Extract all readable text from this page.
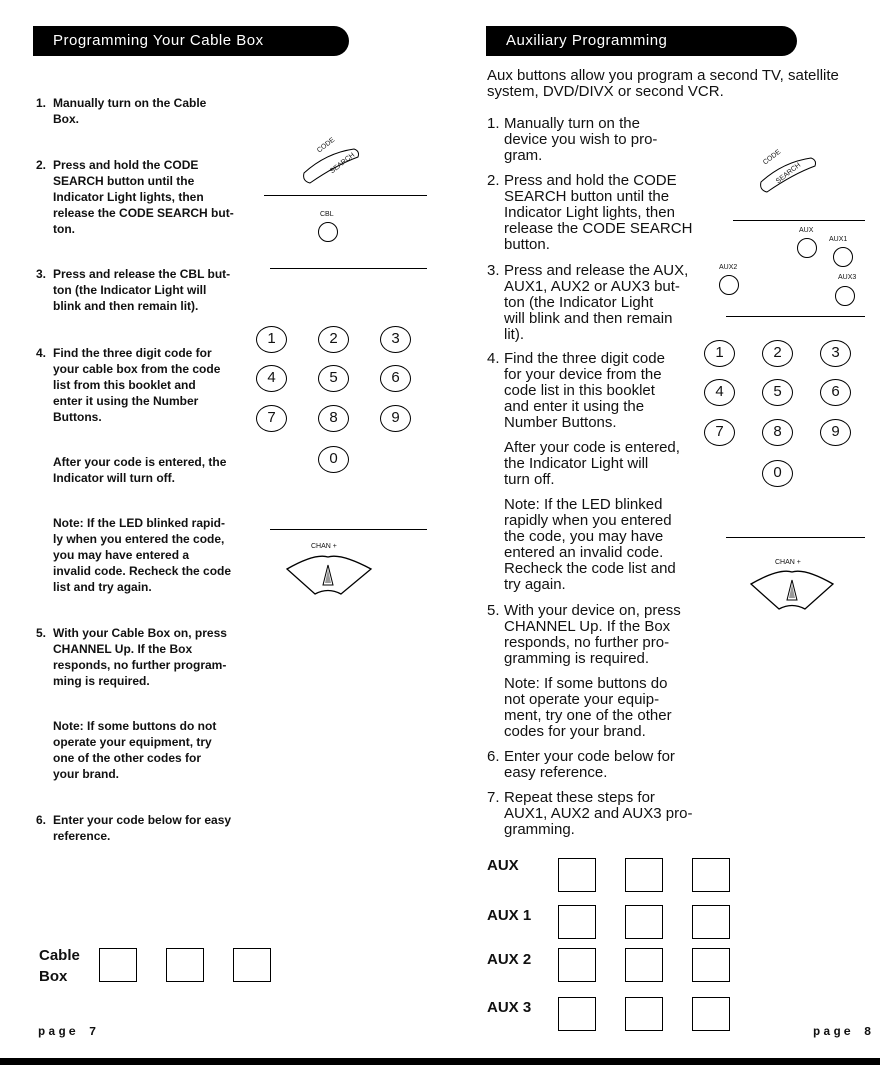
Programming Your Cable Box
1. Manually turn on the Cable
Box.
2. Press and hold the CODE
SEARCH button until the
Indicator Light lights, then
release the CODE SEARCH but-
ton.
3. Press and release the CBL but-
ton (the Indicator Light will
blink and then remain lit).
4. Find the three digit code for
your cable box from the code
list from this booklet and
enter it using the Number
Buttons.
After your code is entered, the
Indicator will turn off.
Note: If the LED blinked rapid-
ly when you entered the code,
you may have entered a
invalid code. Recheck the code
list and try again.
5. With your Cable Box on, press
CHANNEL Up. If the Box
responds, no further program-
ming is required.
Note: If some buttons do not
operate your equipment, try
one of the other codes for
your brand.
6. Enter your code below for easy
reference.
CODE
SEARCH
CBL
1	2	3
4	5	6
7	8	9
0
CHAN +
Cable
Box
page 7
Auxiliary Programming
Aux buttons allow you program a second TV, satellite
system, DVD/DIVX or second VCR.
1. Manually turn on the
device you wish to pro-
gram.
2. Press and hold the CODE
SEARCH button until the
Indicator Light lights, then
release the CODE SEARCH
button.
3. Press and release the AUX,
AUX1, AUX2 or AUX3 but-
ton (the Indicator Light
will blink and then remain
lit).
4. Find the three digit code
for your device from the
code list in this booklet
and enter it using the
Number Buttons.
After your code is entered,
the Indicator Light will
turn off.
Note: If the LED blinked
rapidly when you entered
the code, you may have
entered an invalid code.
Recheck the code list and
try again.
5. With your device on, press
CHANNEL Up. If the Box
responds, no further pro-
gramming is required.
Note: If some buttons do
not operate your equip-
ment, try one of the other
codes for your brand.
6. Enter your code below for
easy reference.
7. Repeat these steps for
AUX1, AUX2 and AUX3 pro-
gramming.
CODE
SEARCH
AUX
AUX1
AUX2
AUX3
1	2	3
4	5	6
7	8	9
0
CHAN +
AUX
AUX 1
AUX 2
AUX 3
page 8
